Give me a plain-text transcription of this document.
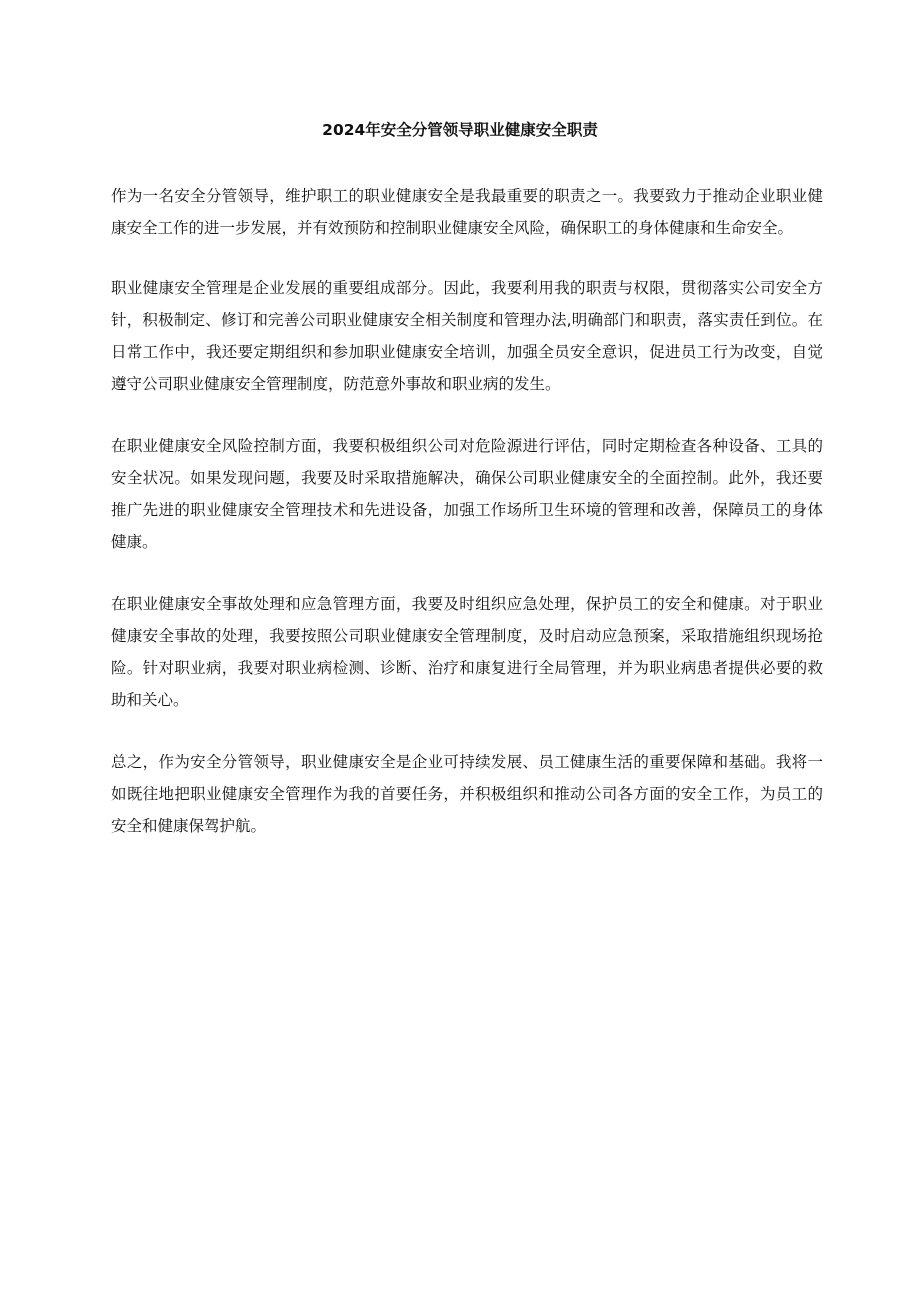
2024年安全分管领导职业健康安全职责

作为一名安全分管领导，维护职工的职业健康安全是我最重要的职责之一。我要致力于推动企业职业健康安全工作的进一步发展，并有效预防和控制职业健康安全风险，确保职工的身体健康和生命安全。

职业健康安全管理是企业发展的重要组成部分。因此，我要利用我的职责与权限，贯彻落实公司安全方针，积极制定、修订和完善公司职业健康安全相关制度和管理办法,明确部门和职责，落实责任到位。在日常工作中，我还要定期组织和参加职业健康安全培训，加强全员安全意识，促进员工行为改变，自觉遵守公司职业健康安全管理制度，防范意外事故和职业病的发生。

在职业健康安全风险控制方面，我要积极组织公司对危险源进行评估，同时定期检查各种设备、工具的安全状况。如果发现问题，我要及时采取措施解决，确保公司职业健康安全的全面控制。此外，我还要推广先进的职业健康安全管理技术和先进设备，加强工作场所卫生环境的管理和改善，保障员工的身体健康。

在职业健康安全事故处理和应急管理方面，我要及时组织应急处理，保护员工的安全和健康。对于职业健康安全事故的处理，我要按照公司职业健康安全管理制度，及时启动应急预案，采取措施组织现场抢险。针对职业病，我要对职业病检测、诊断、治疗和康复进行全局管理，并为职业病患者提供必要的救助和关心。

总之，作为安全分管领导，职业健康安全是企业可持续发展、员工健康生活的重要保障和基础。我将一如既往地把职业健康安全管理作为我的首要任务，并积极组织和推动公司各方面的安全工作，为员工的安全和健康保驾护航。
